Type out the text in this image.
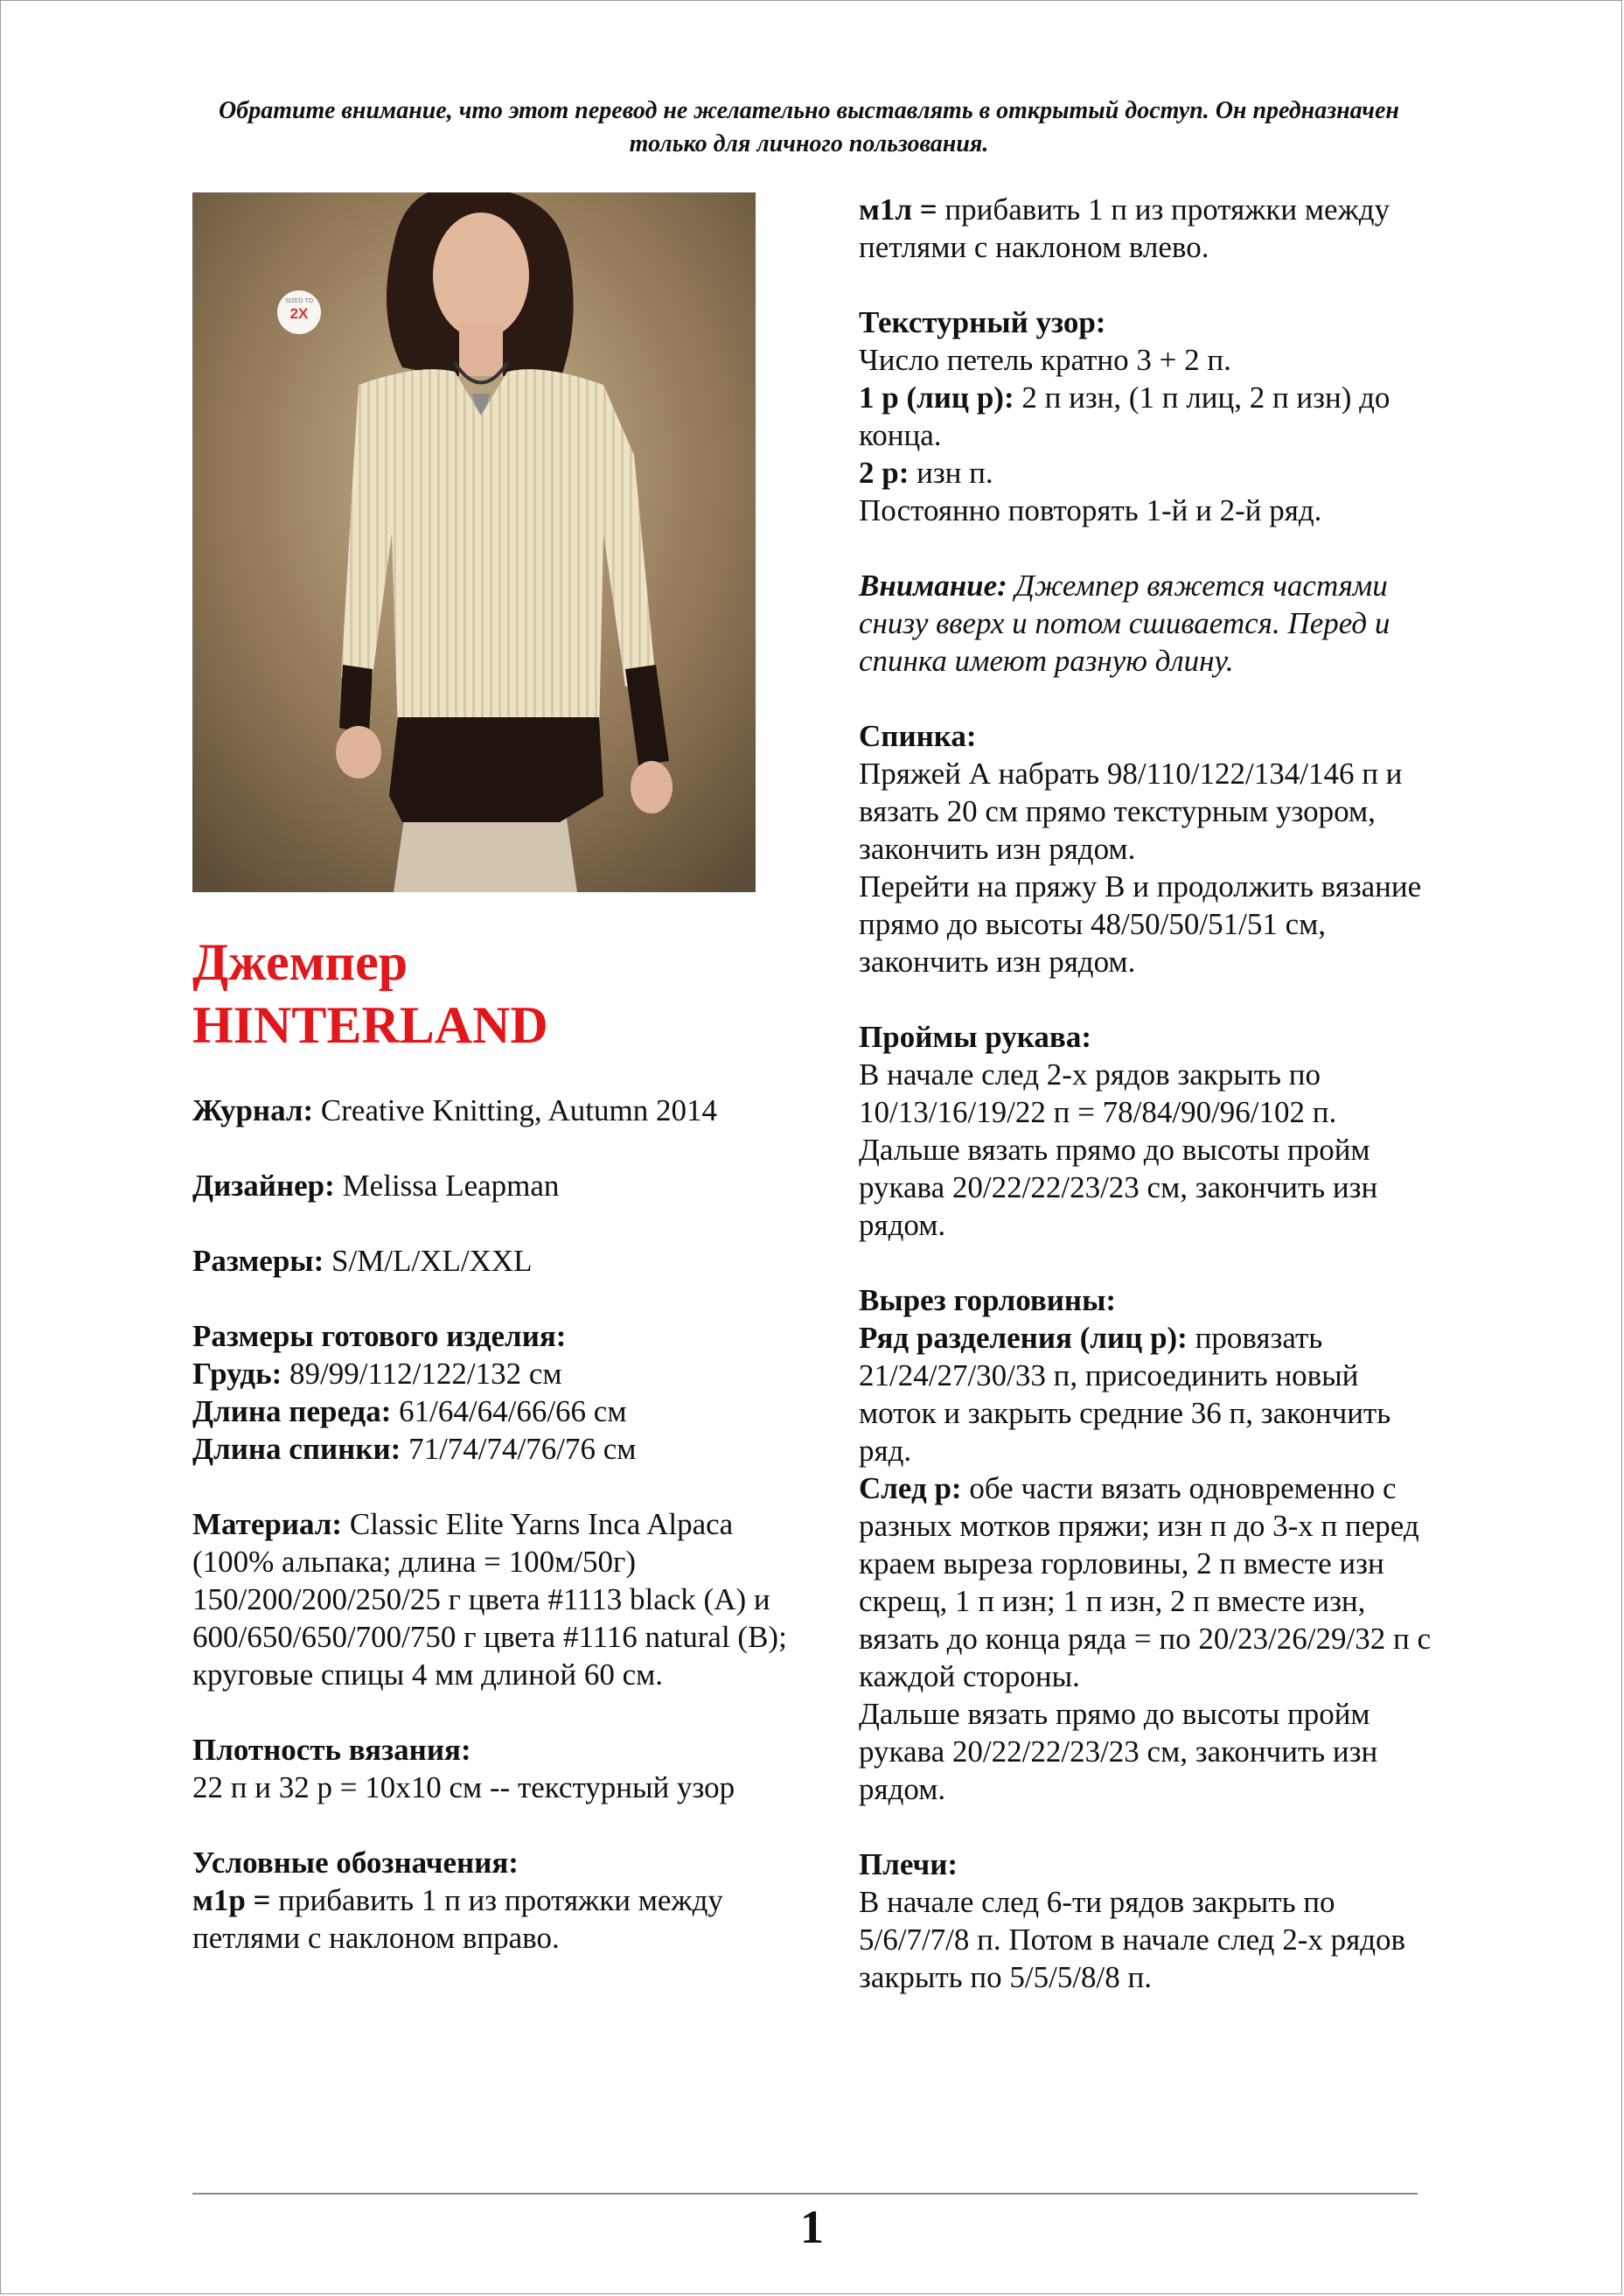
Обратите внимание, что этот перевод не желательно выставлять в открытый доступ. Он предназначен только для личного пользования.
SIZED TO
2X
Джемпер
HINTERLAND

Журнал: Creative Knitting, Autumn 2014

Дизайнер: Melissa Leapman

Размеры: S/M/L/XL/XXL

Размеры готового изделия:

Грудь: 89/99/112/122/132 см

Длина переда: 61/64/64/66/66 см

Длина спинки: 71/74/74/76/76 см

Материал: Classic Elite Yarns Inca Alpaca (100% альпака; длина = 100м/50г) 150/200/200/250/25 г цвета #1113 black (A) и 600/650/650/700/750 г цвета #1116 natural (B); круговые спицы 4 мм длиной 60 см.

Плотность вязания:

22 п и 32 р = 10х10 см -- текстурный узор

Условные обозначения:

м1р = прибавить 1 п из протяжки между петлями с наклоном вправо.

м1л = прибавить 1 п из протяжки между петлями с наклоном влево.

Текстурный узор:

Число петель кратно 3 + 2 п.

1 р (лиц р): 2 п изн, (1 п лиц, 2 п изн) до конца.

2 р: изн п.

Постоянно повторять 1-й и 2-й ряд.

Внимание: Джемпер вяжется частями снизу вверх и потом сшивается. Перед и спинка имеют разную длину.

Спинка:

Пряжей А набрать 98/110/122/134/146 п и вязать 20 см прямо текстурным узором, закончить изн рядом.

Перейти на пряжу В и продолжить вязание прямо до высоты 48/50/50/51/51 см, закончить изн рядом.

Проймы рукава:

В начале след 2-х рядов закрыть по 10/13/16/19/22 п = 78/84/90/96/102 п.

Дальше вязать прямо до высоты пройм рукава 20/22/22/23/23 см, закончить изн рядом.

Вырез горловины:

Ряд разделения (лиц р): провязать 21/24/27/30/33 п, присоединить новый моток и закрыть средние 36 п, закончить ряд.

След р: обе части вязать одновременно с разных мотков пряжи; изн п до 3-х п перед краем выреза горловины, 2 п вместе изн скрещ, 1 п изн; 1 п изн, 2 п вместе изн, вязать до конца ряда = по 20/23/26/29/32 п с каждой стороны.

Дальше вязать прямо до высоты пройм рукава 20/22/22/23/23 см, закончить изн рядом.

Плечи:

В начале след 6-ти рядов закрыть по 5/6/7/7/8 п. Потом в начале след 2-х рядов закрыть по 5/5/5/8/8 п.

1
